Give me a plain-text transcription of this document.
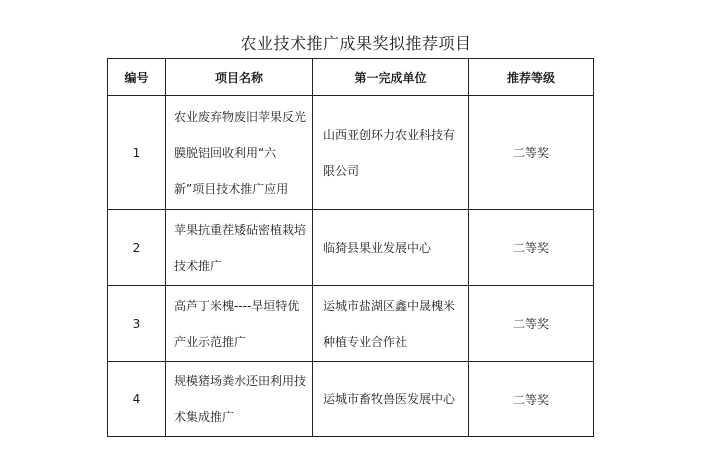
农业技术推广成果奖拟推荐项目
编号	项目名称	第一完成单位	推荐等级
1	农业废弃物废旧苹果反光膜脱铝回收利用“六新”项目技术推广应用	山西亚创环力农业科技有限公司	二等奖
2	苹果抗重茬矮砧密植栽培技术推广	临猗县果业发展中心	二等奖
3	高芦丁米槐----旱垣特优产业示范推广	运城市盐湖区鑫中晟槐米种植专业合作社	二等奖
4	规模猪场粪水还田利用技术集成推广	运城市畜牧兽医发展中心	二等奖
